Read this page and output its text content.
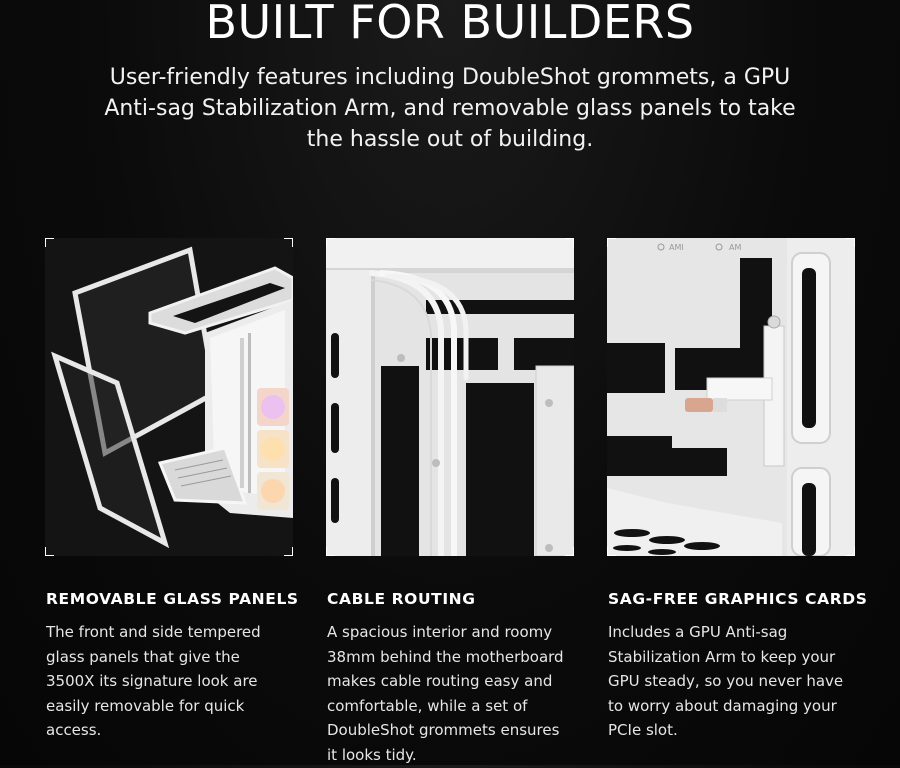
BUILT FOR BUILDERS

User-friendly features including DoubleShot grommets, a GPU Anti-sag Stabilization Arm, and removable glass panels to take the hassle out of building.

AMI	AM
REMOVABLE GLASS PANELS

The front and side tempered glass panels that give the 3500X its signature look are easily removable for quick access.

CABLE ROUTING

A spacious interior and roomy 38mm behind the motherboard makes cable routing easy and comfortable, while a set of DoubleShot grommets ensures it looks tidy.

SAG-FREE GRAPHICS CARDS

Includes a GPU Anti-sag Stabilization Arm to keep your GPU steady, so you never have to worry about damaging your PCIe slot.
